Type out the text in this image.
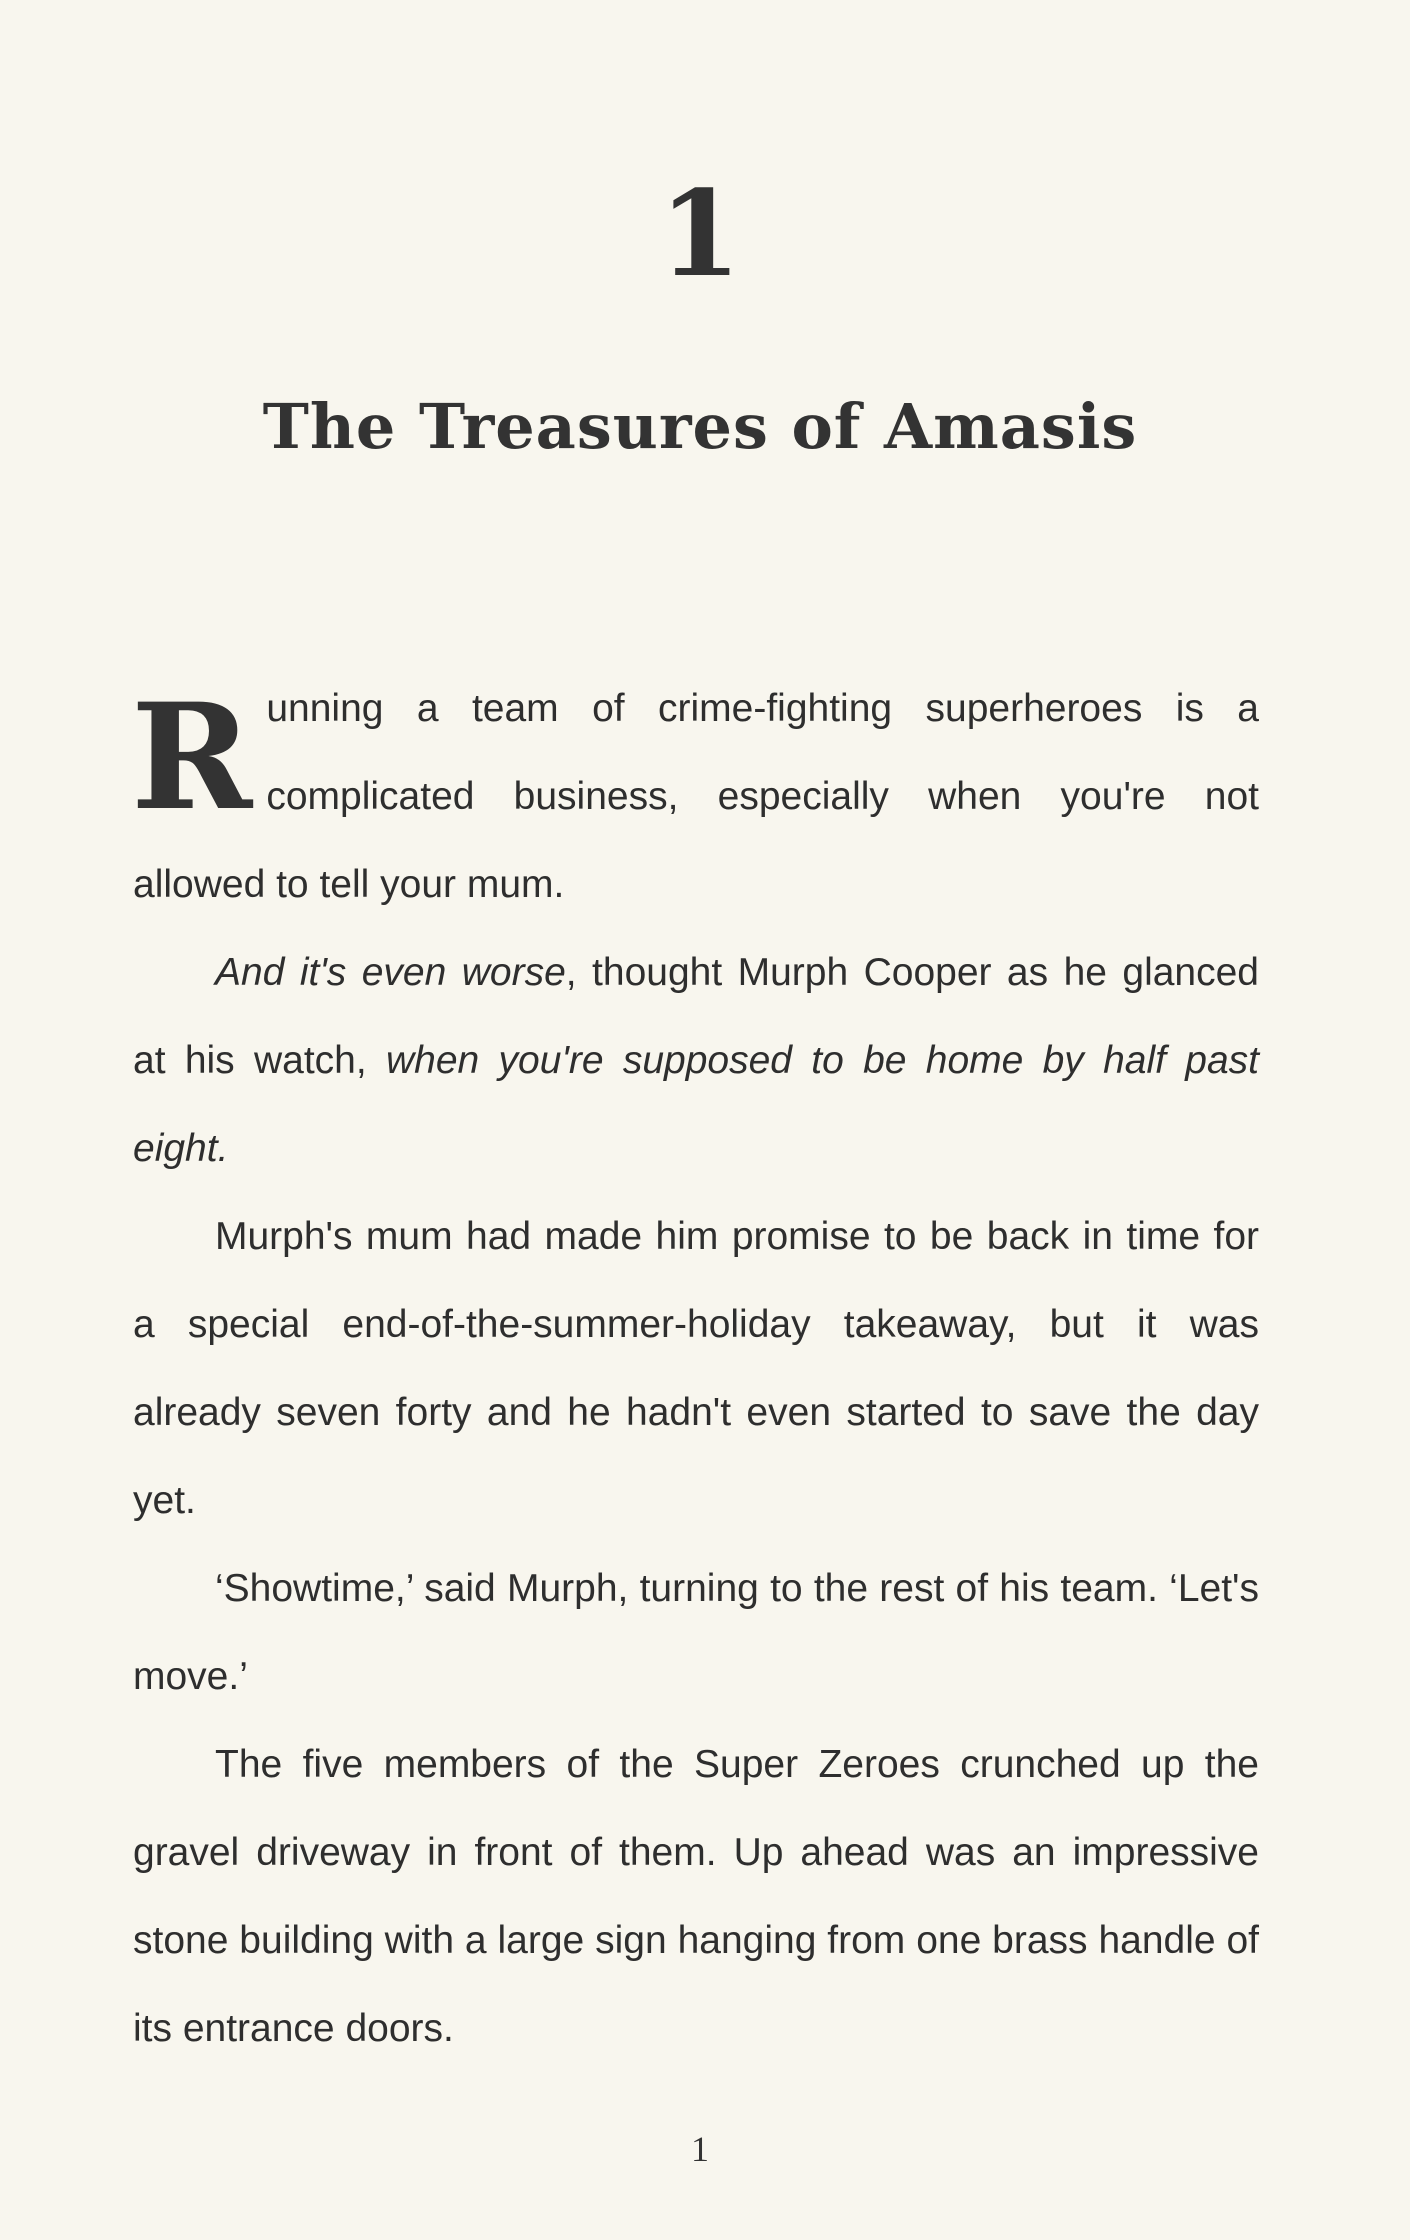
1
The Treasures of Amasis

Running a team of crime-fighting superheroes is a complicated business, especially when you're not allowed to tell your mum.

And it's even worse, thought Murph Cooper as he glanced at his watch, when you're supposed to be home by half past eight.

Murph's mum had made him promise to be back in time for a special end-of-the-summer-holiday takeaway, but it was already seven forty and he hadn't even started to save the day yet.

‘Showtime,’ said Murph, turning to the rest of his team. ‘Let's move.’

The five members of the Super Zeroes crunched up the gravel driveway in front of them. Up ahead was an impressive stone building with a large sign hanging from one brass handle of its entrance doors.

1
